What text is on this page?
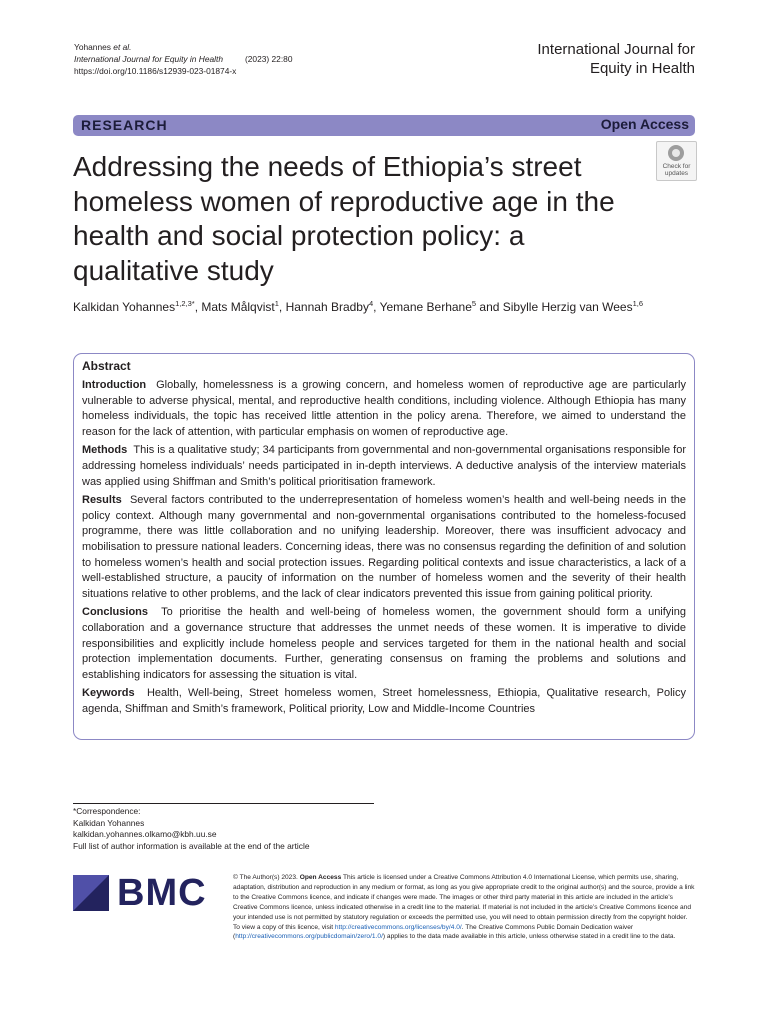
Yohannes et al.
International Journal for Equity in Health	(2023) 22:80
https://doi.org/10.1186/s12939-023-01874-x
International Journal for
Equity in Health
RESEARCH	Open Access
Check for
updates
Addressing the needs of Ethiopia’s street homeless women of reproductive age in the health and social protection policy: a qualitative study
Kalkidan Yohannes$^{1,2,3*}$, Mats Målqvist$^1$, Hannah Bradby$^4$, Yemane Berhane$^5$ and Sibylle Herzig van Wees$^{1,6}$
Abstract

Introduction Globally, homelessness is a growing concern, and homeless women of reproductive age are particularly vulnerable to adverse physical, mental, and reproductive health conditions, including violence. Although Ethiopia has many homeless individuals, the topic has received little attention in the policy arena. Therefore, we aimed to understand the reason for the lack of attention, with particular emphasis on women of reproductive age.

Methods This is a qualitative study; 34 participants from governmental and non-governmental organisations responsible for addressing homeless individuals’ needs participated in in-depth interviews. A deductive analysis of the interview materials was applied using Shiffman and Smith’s political prioritisation framework.

Results Several factors contributed to the underrepresentation of homeless women’s health and well-being needs in the policy context. Although many governmental and non-governmental organisations contributed to the homeless-focused programme, there was little collaboration and no unifying leadership. Moreover, there was insufficient advocacy and mobilisation to pressure national leaders. Concerning ideas, there was no consensus regarding the definition of and solution to homeless women’s health and social protection issues. Regarding political contexts and issue characteristics, a lack of a well-established structure, a paucity of information on the number of homeless women and the severity of their health situations relative to other problems, and the lack of clear indicators prevented this issue from gaining political priority.

Conclusions To prioritise the health and well-being of homeless women, the government should form a unifying collaboration and a governance structure that addresses the unmet needs of these women. It is imperative to divide responsibilities and explicitly include homeless people and services targeted for them in the national health and social protection implementation documents. Further, generating consensus on framing the problems and solutions and establishing indicators for assessing the situation is vital.

Keywords Health, Well-being, Street homeless women, Street homelessness, Ethiopia, Qualitative research, Policy agenda, Shiffman and Smith’s framework, Political priority, Low and Middle-Income Countries

*Correspondence:
Kalkidan Yohannes
kalkidan.yohannes.olkamo@kbh.uu.se
Full list of author information is available at the end of the article
BMC	© The Author(s) 2023. Open Access This article is licensed under a Creative Commons Attribution 4.0 International License, which permits use, sharing, adaptation, distribution and reproduction in any medium or format, as long as you give appropriate credit to the original author(s) and the source, provide a link to the Creative Commons licence, and indicate if changes were made. The images or other third party material in this article are included in the article’s Creative Commons licence, unless indicated otherwise in a credit line to the material. If material is not included in the article’s Creative Commons licence and your intended use is not permitted by statutory regulation or exceeds the permitted use, you will need to obtain permission directly from the copyright holder. To view a copy of this licence, visit http://creativecommons.org/licenses/by/4.0/. The Creative Commons Public Domain Dedication waiver (http://creativecommons.org/publicdomain/zero/1.0/) applies to the data made available in this article, unless otherwise stated in a credit line to the data.
